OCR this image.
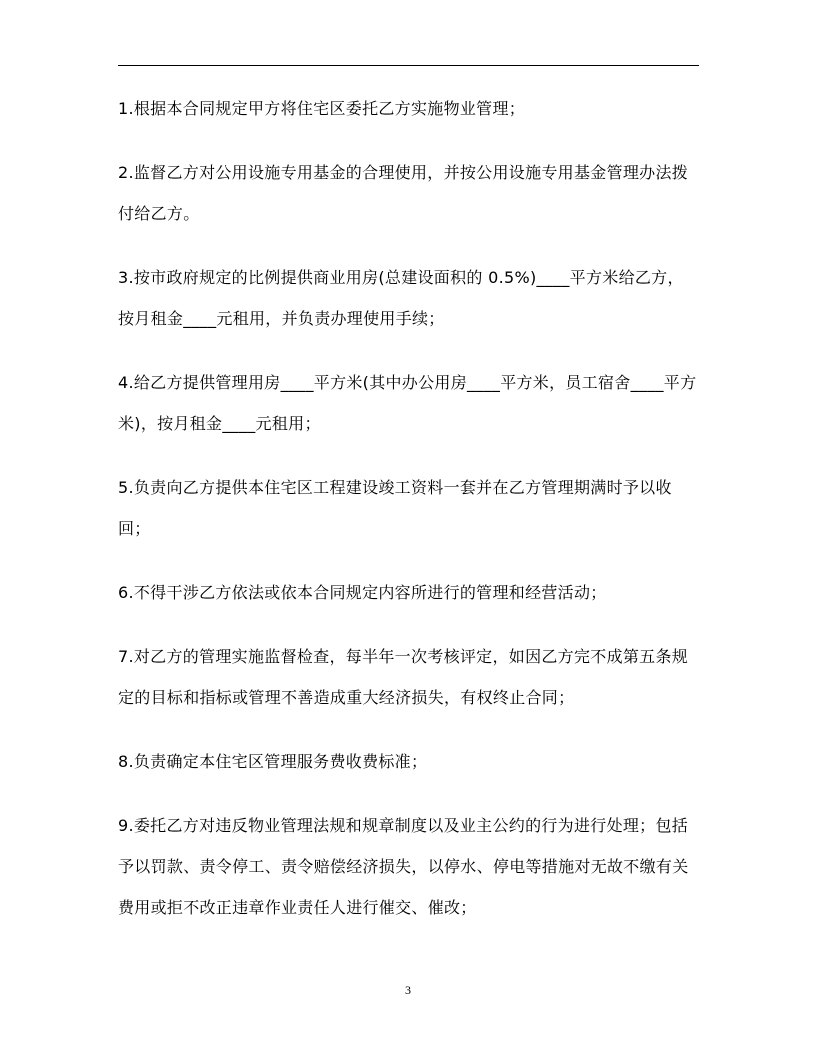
1.根据本合同规定甲方将住宅区委托乙方实施物业管理；

2.监督乙方对公用设施专用基金的合理使用，并按公用设施专用基金管理办法拨付给乙方。

3.按市政府规定的比例提供商业用房(总建设面积的 0.5%)____平方米给乙方，按月租金____元租用，并负责办理使用手续；

4.给乙方提供管理用房____平方米(其中办公用房____平方米，员工宿舍____平方米)，按月租金____元租用；

5.负责向乙方提供本住宅区工程建设竣工资料一套并在乙方管理期满时予以收回；

6.不得干涉乙方依法或依本合同规定内容所进行的管理和经营活动；

7.对乙方的管理实施监督检查，每半年一次考核评定，如因乙方完不成第五条规定的目标和指标或管理不善造成重大经济损失，有权终止合同；

8.负责确定本住宅区管理服务费收费标准；

9.委托乙方对违反物业管理法规和规章制度以及业主公约的行为进行处理；包括予以罚款、责令停工、责令赔偿经济损失，以停水、停电等措施对无故不缴有关费用或拒不改正违章作业责任人进行催交、催改；

3
